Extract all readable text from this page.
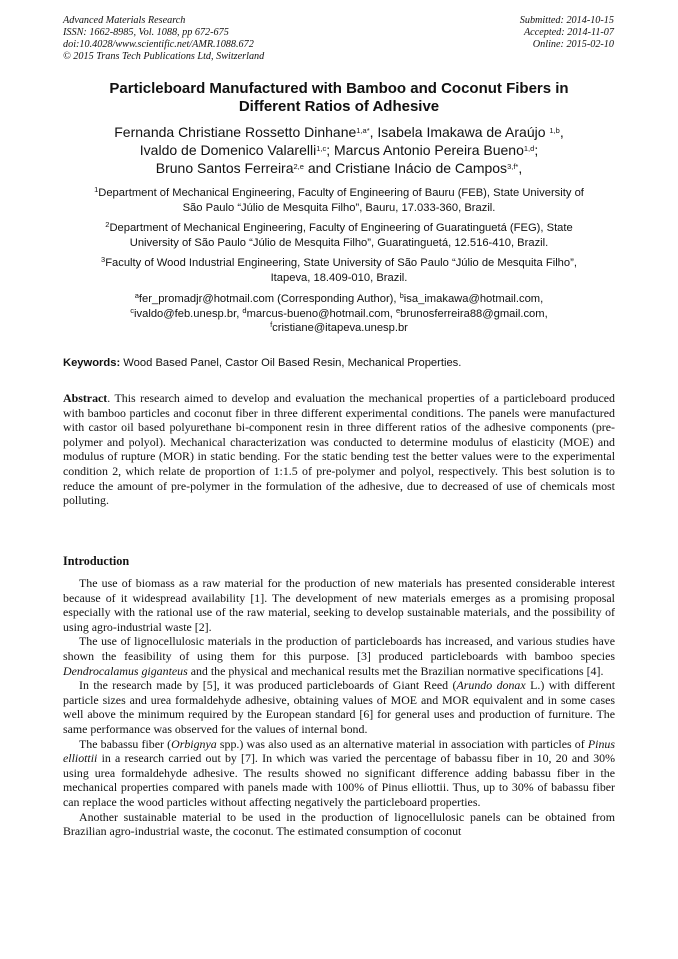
Advanced Materials Research
ISSN: 1662-8985, Vol. 1088, pp 672-675
doi:10.4028/www.scientific.net/AMR.1088.672
© 2015 Trans Tech Publications Ltd, Switzerland
Submitted: 2014-10-15
Accepted: 2014-11-07
Online: 2015-02-10
Particleboard Manufactured with Bamboo and Coconut Fibers in
Different Ratios of Adhesive
Fernanda Christiane Rossetto Dinhane$^{1,a*}$, Isabela Imakawa de Araújo $^{1,b}$,
Ivaldo de Domenico Valarelli$^{1,c}$; Marcus Antonio Pereira Bueno$^{1,d}$;
Bruno Santos Ferreira$^{2,e}$ and Cristiane Inácio de Campos$^{3,f*}$,
$^1$Department of Mechanical Engineering, Faculty of Engineering of Bauru (FEB), State University of
São Paulo “Júlio de Mesquita Filho”, Bauru, 17.033-360, Brazil.
$^2$Department of Mechanical Engineering, Faculty of Engineering of Guaratinguetá (FEG), State
University of São Paulo “Júlio de Mesquita Filho”, Guaratinguetá, 12.516-410, Brazil.
$^3$Faculty of Wood Industrial Engineering, State University of São Paulo “Júlio de Mesquita Filho”,
Itapeva, 18.409-010, Brazil.
$^a$fer_promadjr@hotmail.com (Corresponding Author), $^b$isa_imakawa@hotmail.com,
$^c$ivaldo@feb.unesp.br, $^d$marcus-bueno@hotmail.com, $^e$brunosferreira88@gmail.com,
$^f$cristiane@itapeva.unesp.br
Keywords: Wood Based Panel, Castor Oil Based Resin, Mechanical Properties.
Abstract. This research aimed to develop and evaluation the mechanical properties of a particleboard produced with bamboo particles and coconut fiber in three different experimental conditions. The panels were manufactured with castor oil based polyurethane bi-component resin in three different ratios of the adhesive components (pre-polymer and polyol). Mechanical characterization was conducted to determine modulus of elasticity (MOE) and modulus of rupture (MOR) in static bending. For the static bending test the better values were to the experimental condition 2, which relate de proportion of 1:1.5 of pre-polymer and polyol, respectively. This best solution is to reduce the amount of pre-polymer in the formulation of the adhesive, due to decreased of use of chemicals most polluting.
Introduction

The use of biomass as a raw material for the production of new materials has presented considerable interest because of it widespread availability [1]. The development of new materials emerges as a promising proposal especially with the rational use of the raw material, seeking to develop sustainable materials, and the possibility of using agro-industrial waste [2].

The use of lignocellulosic materials in the production of particleboards has increased, and various studies have shown the feasibility of using them for this purpose. [3] produced particleboards with bamboo species Dendrocalamus giganteus and the physical and mechanical results met the Brazilian normative specifications [4].

In the research made by [5], it was produced particleboards of Giant Reed (Arundo donax L.) with different particle sizes and urea formaldehyde adhesive, obtaining values of MOE and MOR equivalent and in some cases well above the minimum required by the European standard [6] for general uses and production of furniture. The same performance was observed for the values of internal bond.

The babassu fiber (Orbignya spp.) was also used as an alternative material in association with particles of Pinus elliottii in a research carried out by [7]. In which was varied the percentage of babassu fiber in 10, 20 and 30% using urea formaldehyde adhesive. The results showed no significant difference adding babassu fiber in the mechanical properties compared with panels made with 100% of Pinus elliottii. Thus, up to 30% of babassu fiber can replace the wood particles without affecting negatively the particleboard properties.

Another sustainable material to be used in the production of lignocellulosic panels can be obtained from Brazilian agro-industrial waste, the coconut. The estimated consumption of coconut
